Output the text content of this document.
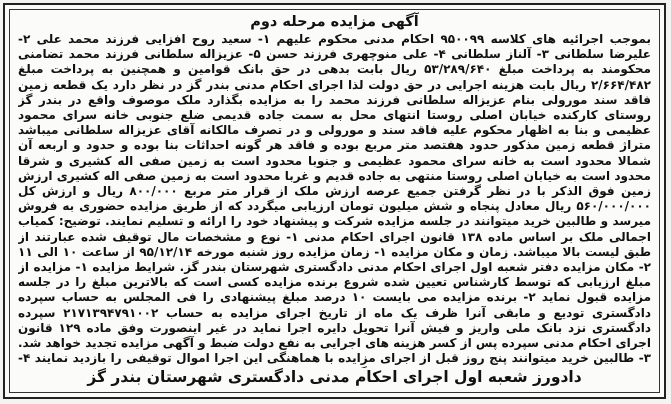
آگهی مزایده مرحله دوم

بموجب اجرائیه های کلاسه ۹۵۰۰۹۹ احکام مدنی محکوم علیهم ۱- سعید روح افزایی فرزند محمد علی ۲- علیرضا سلطانی ۳- آلناز سلطانی ۴- علی منوچهری فرزند حسن ۵- عزیزاله سلطانی فرزند محمد تضامنی محکومند به پرداخت مبلغ ۵۳/۲۸۹/۶۴۰ ریال بابت بدهی در حق بانک قوامین و همچنین به پرداخت مبلغ ۲/۶۶۴/۴۸۲ ریال بابت هزینه اجرایی در حق دولت لذا اجرای احکام مدنی بندر گز در نظر دارد یک قطعه زمین فاقد سند مورولی بنام عزیزاله سلطانی فرزند محمد را به مزایده بگذارد ملک موصوف واقع در بندر گز روستای کارکنده خیابان اصلی روستا انتهای محل به سمت جاده قدیمی ضلع جنوبی خانه سرای محمود عظیمی و بنا به اظهار محکوم علیه فاقد سند و مورولی و در تصرف مالکانه آقای عزیزاله سلطانی میباشد متراژ قطعه زمین مذکور حدود هفتصد متر مربع بوده و فاقد هر گونه احداثات بنا بوده و حدود و اربعه آن شمالا محدود است به خانه سرای محمود عظیمی و جنوبا محدود است به زمین صفی اله کشیری و شرقا محدود است به خیابان اصلی روستا منتهی به جاده قدیم و غربا محدود است به زمین صفی اله کشیری ارزش زمین فوق الذکر با در نظر گرفتن جمیع عرصه ارزش ملک از قرار متر مربع ۸۰۰/۰۰۰ ریال و ارزش کل ۵۶۰/۰۰۰/۰۰۰ ریال معادل پنجاه و شش میلیون تومان ارزیابی میگردد که از طریق مزایده حضوری به فروش میرسد و طالبین خرید میتوانند در جلسه مزایده شرکت و پیشنهاد خود را ارائه و تسلیم نمایند. توضیح: کمیاب اجمالی ملک بر اساس ماده ۱۳۸ قانون اجرای احکام مدنی ۱- نوع و مشخصات مال توقیف شده عبارتند از طبق لیست بالا میباشد. زمان و مکان مزایده ۱- زمان مزایده روز شنبه مورخه ۹۵/۱۲/۱۴ از ساعت ۱۰ الی ۱۱ ۲- مکان مزایده دفتر شعبه اول اجرای احکام مدنی دادگستری شهرستان بندر گز. شرایط مزایده ۱- مزایده از مبلغ ارزیابی که توسط کارشناس تعیین شده شروع برنده مزایده کسی است که بالاترین مبلغ را در جلسه مزایده قبول نماید ۲- برنده مزایده می بایست ۱۰ درصد مبلغ پیشنهادی را فی المجلس به حساب سپرده دادگستری تودیع و مابقی آنرا ظرف یک ماه از تاریخ اجرای مزایده به حساب ۲۱۷۱۳۹۴۷۹۱۰۰۲ سپرده دادگستری نزد بانک ملی واریز و فیش آنرا تحویل دایره اجرا نماید در غیر اینصورت وفق ماده ۱۲۹ قانون اجرای احکام مدنی سپرده پس از کسر هزینه های اجرایی به نفع دولت ضبط و آگهی مزایده تجدید خواهد شد. ۳- طالبین خرید میتوانند پنج روز قبل از اجرای مزایده با هماهنگی این اجرا اموال توقیفی را بازدید نمایند ۴-

دادورز شعبه اول اجرای احکام مدنی دادگستری شهرستان بندر گز
